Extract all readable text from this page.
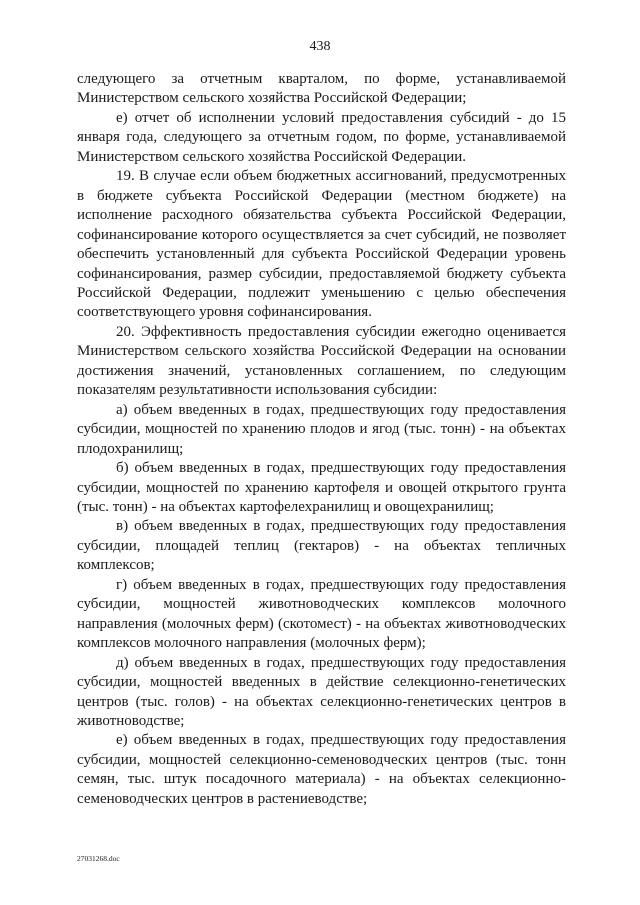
438

следующего за отчетным кварталом, по форме, устанавливаемой Министерством сельского хозяйства Российской Федерации;

е) отчет об исполнении условий предоставления субсидий - до 15 января года, следующего за отчетным годом, по форме, устанавливаемой Министерством сельского хозяйства Российской Федерации.

19. В случае если объем бюджетных ассигнований, предусмотренных в бюджете субъекта Российской Федерации (местном бюджете) на исполнение расходного обязательства субъекта Российской Федерации, софинансирование которого осуществляется за счет субсидий, не позволяет обеспечить установленный для субъекта Российской Федерации уровень софинансирования, размер субсидии, предоставляемой бюджету субъекта Российской Федерации, подлежит уменьшению с целью обеспечения соответствующего уровня софинансирования.

20. Эффективность предоставления субсидии ежегодно оценивается Министерством сельского хозяйства Российской Федерации на основании достижения значений, установленных соглашением, по следующим показателям результативности использования субсидии:

а) объем введенных в годах, предшествующих году предоставления субсидии, мощностей по хранению плодов и ягод (тыс. тонн) - на объектах плодохранилищ;

б) объем введенных в годах, предшествующих году предоставления субсидии, мощностей по хранению картофеля и овощей открытого грунта (тыс. тонн) - на объектах картофелехранилищ и овощехранилищ;

в) объем введенных в годах, предшествующих году предоставления субсидии, площадей теплиц (гектаров) - на объектах тепличных комплексов;

г) объем введенных в годах, предшествующих году предоставления субсидии, мощностей животноводческих комплексов молочного направления (молочных ферм) (скотомест) - на объектах животноводческих комплексов молочного направления (молочных ферм);

д) объем введенных в годах, предшествующих году предоставления субсидии, мощностей введенных в действие селекционно-генетических центров (тыс. голов) - на объектах селекционно-генетических центров в животноводстве;

е) объем введенных в годах, предшествующих году предоставления субсидии, мощностей селекционно-семеноводческих центров (тыс. тонн семян, тыс. штук посадочного материала) - на объектах селекционно-семеноводческих центров в растениеводстве;

27031268.doc
